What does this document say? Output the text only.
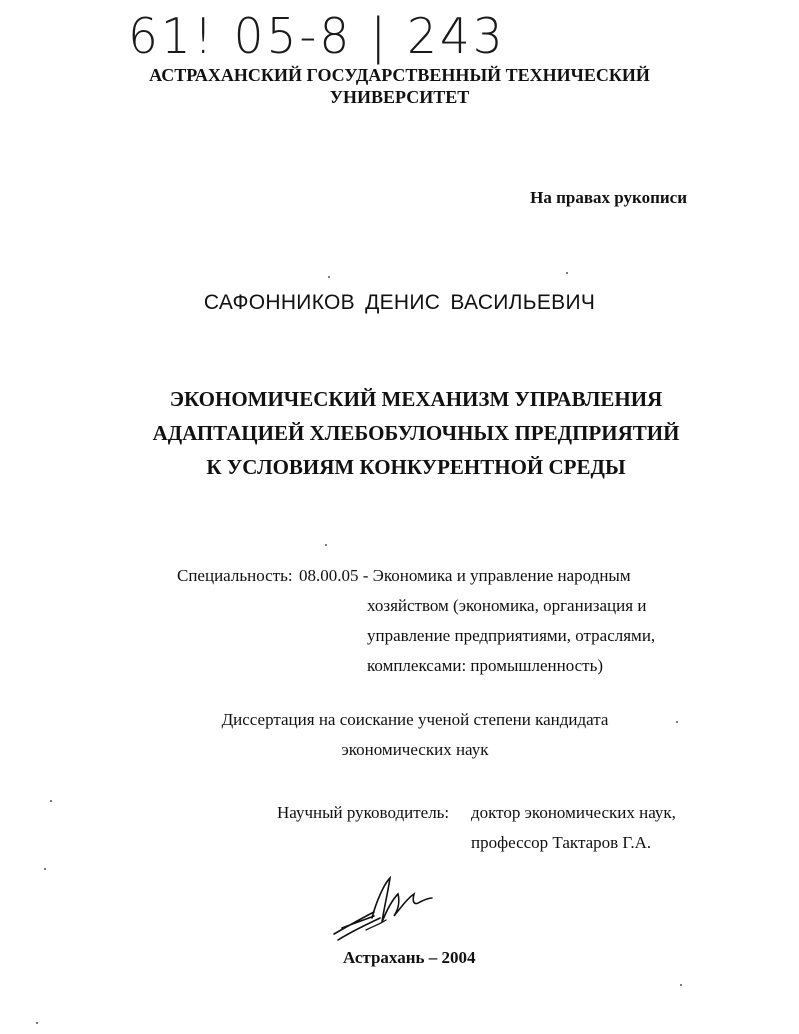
61! 05-8 | 243
АСТРАХАНСКИЙ ГОСУДАРСТВЕННЫЙ ТЕХНИЧЕСКИЙ
УНИВЕРСИТЕТ
На правах рукописи
САФОННИКОВ ДЕНИС ВАСИЛЬЕВИЧ
ЭКОНОМИЧЕСКИЙ МЕХАНИЗМ УПРАВЛЕНИЯ
АДАПТАЦИЕЙ ХЛЕБОБУЛОЧНЫХ ПРЕДПРИЯТИЙ
К УСЛОВИЯМ КОНКУРЕНТНОЙ СРЕДЫ
Специальность: 08.00.05 - Экономика и управление народным
хозяйством (экономика, организация и
управление предприятиями, отраслями,
комплексами: промышленность)
Диссертация на соискание ученой степени кандидата
экономических наук
Научный руководитель: доктор экономических наук,
профессор Тактаров Г.А.
Астрахань – 2004
